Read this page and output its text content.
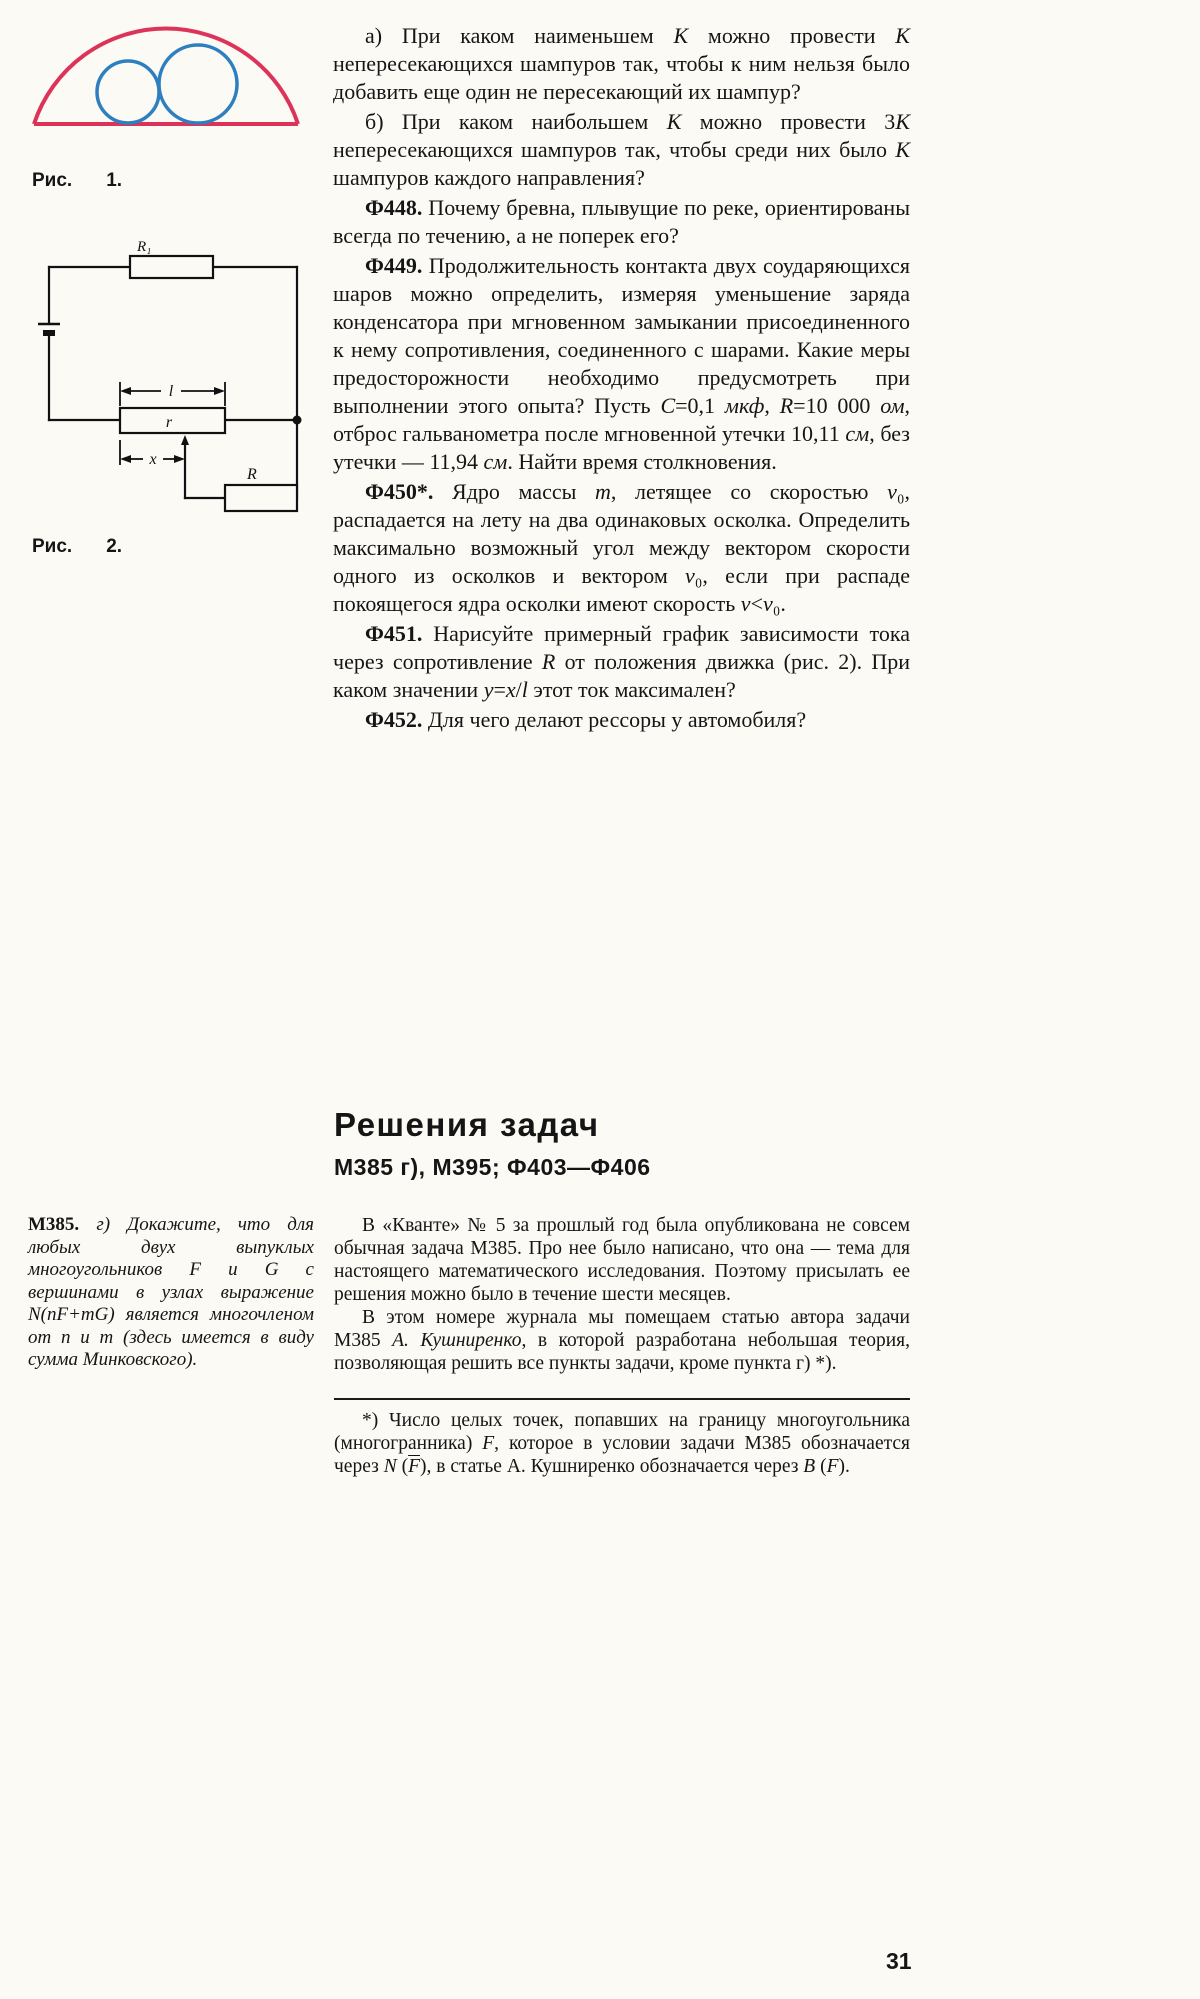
Рис. 1.
R₁
r
l
x
R
Рис. 2.

а) При каком наименьшем K можно провести K непересекающихся шампуров так, чтобы к ним нельзя было добавить еще один не пересекающий их шампур?

б) При каком наибольшем K можно провести 3K непересекающихся шампуров так, чтобы среди них было K шампуров каждого направления?

Ф448. Почему бревна, плывущие по реке, ориентированы всегда по течению, а не поперек его?

Ф449. Продолжительность контакта двух соударяющихся шаров можно определить, измеряя уменьшение заряда конденсатора при мгновенном замыкании присоединенного к нему сопротивления, соединенного с шарами. Какие меры предосторожности необходимо предусмотреть при выполнении этого опыта? Пусть C=0,1 мкф, R=10 000 ом, отброс гальванометра после мгновенной утечки 10,11 см, без утечки — 11,94 см. Найти время столкновения.

Ф450*. Ядро массы m, летящее со скоростью v₀, распадается на лету на два одинаковых осколка. Определить максимально возможный угол между вектором скорости одного из осколков и вектором v₀, если при распаде покоящегося ядра осколки имеют скорость v<v₀.

Ф451. Нарисуйте примерный график зависимости тока через сопротивление R от положения движка (рис. 2). При каком значении y=x/l этот ток максимален?

Ф452. Для чего делают рессоры у автомобиля?

Решения задач
М385 г), М395; Ф403—Ф406
М385. г) Докажите, что для любых двух выпуклых многоугольников F и G с вершинами в узлах выражение N(nF+mG) является многочленом от n и m (здесь имеется в виду сумма Минковского).

В «Кванте» № 5 за прошлый год была опубликована не совсем обычная задача М385. Про нее было написано, что она — тема для настоящего математического исследования. Поэтому присылать ее решения можно было в течение шести месяцев.

В этом номере журнала мы помещаем статью автора задачи М385 А. Кушниренко, в которой разработана небольшая теория, позволяющая решить все пункты задачи, кроме пункта г) *).

*) Число целых точек, попавших на границу многоугольника (многогранника) F, которое в условии задачи М385 обозначается через N $(\overline{F})$, в статье А. Кушниренко обозначается через B (F).
31
